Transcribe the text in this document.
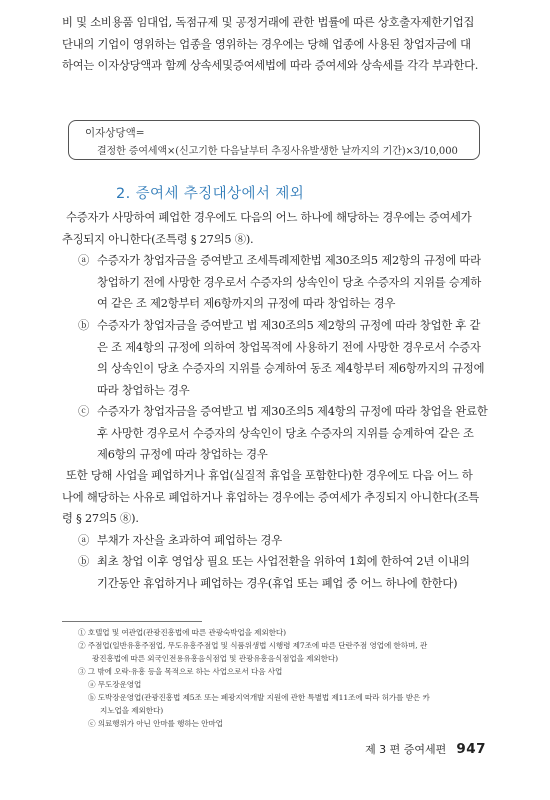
비 및 소비용품 임대업, 독점규제 및 공정거래에 관한 법률에 따른 상호출자제한기업집
단내의 기업이 영위하는 업종을 영위하는 경우에는 당해 업종에 사용된 창업자금에 대
하여는 이자상당액과 함께 상속세및증여세법에 따라 증여세와 상속세를 각각 부과한다.
이자상당액=
결정한 증여세액×(신고기한 다음날부터 추징사유발생한 날까지의 기간)×3/10,000
2. 증여세 추징대상에서 제외
수증자가 사망하여 폐업한 경우에도 다음의 어느 하나에 해당하는 경우에는 증여세가
추징되지 아니한다(조특령 § 27의5 ⑧).
ⓐ 수증자가 창업자금을 증여받고 조세특례제한법 제30조의5 제2항의 규정에 따라
창업하기 전에 사망한 경우로서 수증자의 상속인이 당초 수증자의 지위를 승계하
여 같은 조 제2항부터 제6항까지의 규정에 따라 창업하는 경우
ⓑ 수증자가 창업자금을 증여받고 법 제30조의5 제2항의 규정에 따라 창업한 후 같
은 조 제4항의 규정에 의하여 창업목적에 사용하기 전에 사망한 경우로서 수증자
의 상속인이 당초 수증자의 지위를 승계하여 동조 제4항부터 제6항까지의 규정에
따라 창업하는 경우
ⓒ 수증자가 창업자금을 증여받고 법 제30조의5 제4항의 규정에 따라 창업을 완료한
후 사망한 경우로서 수증자의 상속인이 당초 수증자의 지위를 승계하여 같은 조
제6항의 규정에 따라 창업하는 경우
또한 당해 사업을 폐업하거나 휴업(실질적 휴업을 포함한다)한 경우에도 다음 어느 하
나에 해당하는 사유로 폐업하거나 휴업하는 경우에는 증여세가 추징되지 아니한다(조특
령 § 27의5 ⑧).
ⓐ 부채가 자산을 초과하여 폐업하는 경우
ⓑ 최초 창업 이후 영업상 필요 또는 사업전환을 위하여 1회에 한하여 2년 이내의
기간동안 휴업하거나 폐업하는 경우(휴업 또는 폐업 중 어느 하나에 한한다)
① 호텔업 및 여관업(관광진흥법에 따른 관광숙박업을 제외한다)
② 주점업(일반유흥주점업, 무도유흥주점업 및 식품위생법 시행령 제7조에 따른 단란주점 영업에 한하며, 관
광진흥법에 따른 외국인전용유흥음식점업 및 관광유흥음식점업을 제외한다)
③ 그 밖에 오락·유흥 등을 목적으로 하는 사업으로서 다음 사업
ⓐ 무도장운영업
ⓑ 도박장운영업(관광진흥법 제5조 또는 폐광지역개발 지원에 관한 특별법 제11조에 따라 허가를 받은 카
지노업을 제외한다)
ⓒ 의료행위가 아닌 안마를 행하는 안마업
제 3 편 증여세편 947
